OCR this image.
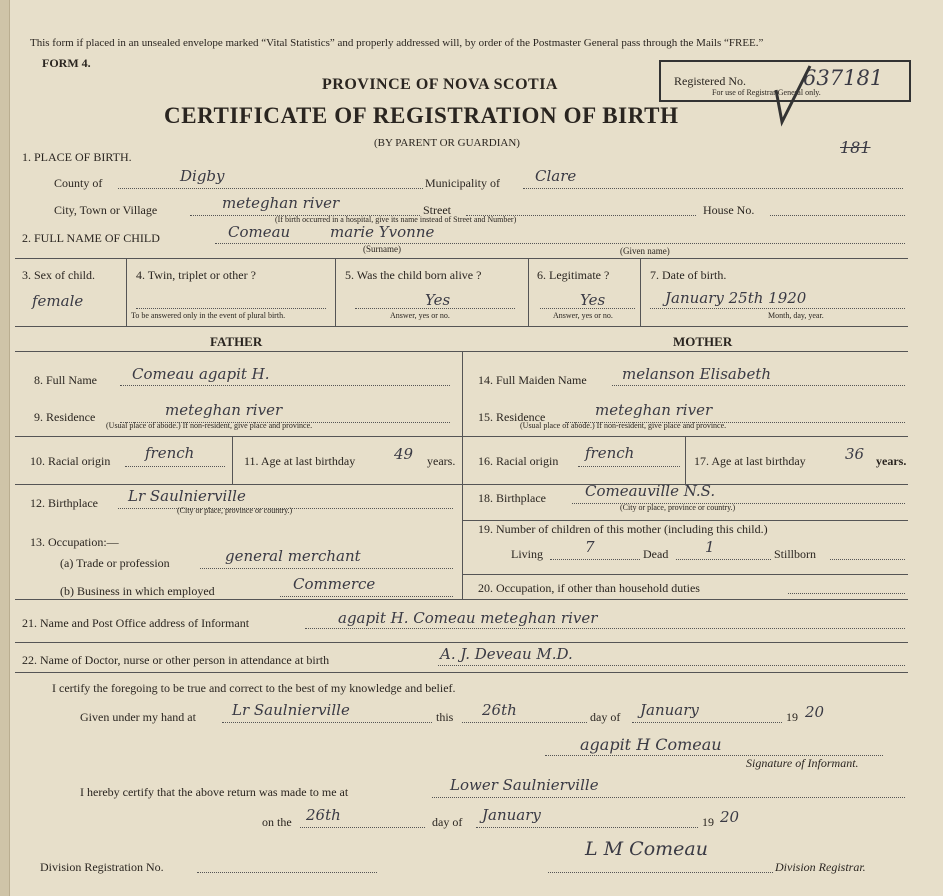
This form if placed in an unsealed envelope marked “Vital Statistics” and properly addressed will, by order of the Postmaster General pass through the Mails “FREE.”
FORM 4.
PROVINCE OF NOVA SCOTIA
CERTIFICATE OF REGISTRATION OF BIRTH
(BY PARENT OR GUARDIAN)
Registered No.	637181
For use of Registrar General only.
181
1. PLACE OF BIRTH.
County of	Digby	Municipality of Clare
City, Town or Village	meteghan river	Street	House No.
(If birth occurred in a hospital, give its name instead of Street and Number)
2. FULL NAME OF CHILD	Comeau	marie Yvonne
(Surname)	(Given name)
3. Sex of child.
female
4. Twin, triplet or other ?
To be answered only in the event of plural birth.
5. Was the child born alive ?
Yes
Answer, yes or no.
6. Legitimate ?
Yes
Answer, yes or no.
7. Date of birth.
January 25th 1920
Month, day, year.
FATHER	MOTHER
8. Full Name Comeau agapit H.
9. Residence	meteghan river
(Usual place of abode.) If non-resident, give place and province.
10. Racial origin french	11. Age at last birthday	49 years.
12. Birthplace Lr Saulnierville
(City or place, province or country.)
13. Occupation:—
(a) Trade or profession	general merchant
(b) Business in which employed	Commerce
14. Full Maiden Name melanson Elisabeth
15. Residence	meteghan river
(Usual place of abode.) If non-resident, give place and province.
16. Racial origin french	17. Age at last birthday	36 years.
18. Birthplace	Comeauville N.S.
(City or place, province or country.)
19. Number of children of this mother (including this child.)
Living	7	Dead 1	Stillborn
20. Occupation, if other than household duties
21. Name and Post Office address of Informant	agapit H. Comeau meteghan river
22. Name of Doctor, nurse or other person in attendance at birth	A. J. Deveau M.D.
I certify the foregoing to be true and correct to the best of my knowledge and belief.
Given under my hand at Lr Saulnierville	this 26th	day of January	19 20
agapit H Comeau
Signature of Informant.
I hereby certify that the above return was made to me at	Lower Saulnierville
on the 26th	day of January	19 20
Division Registration No.
L M Comeau
Division Registrar.
